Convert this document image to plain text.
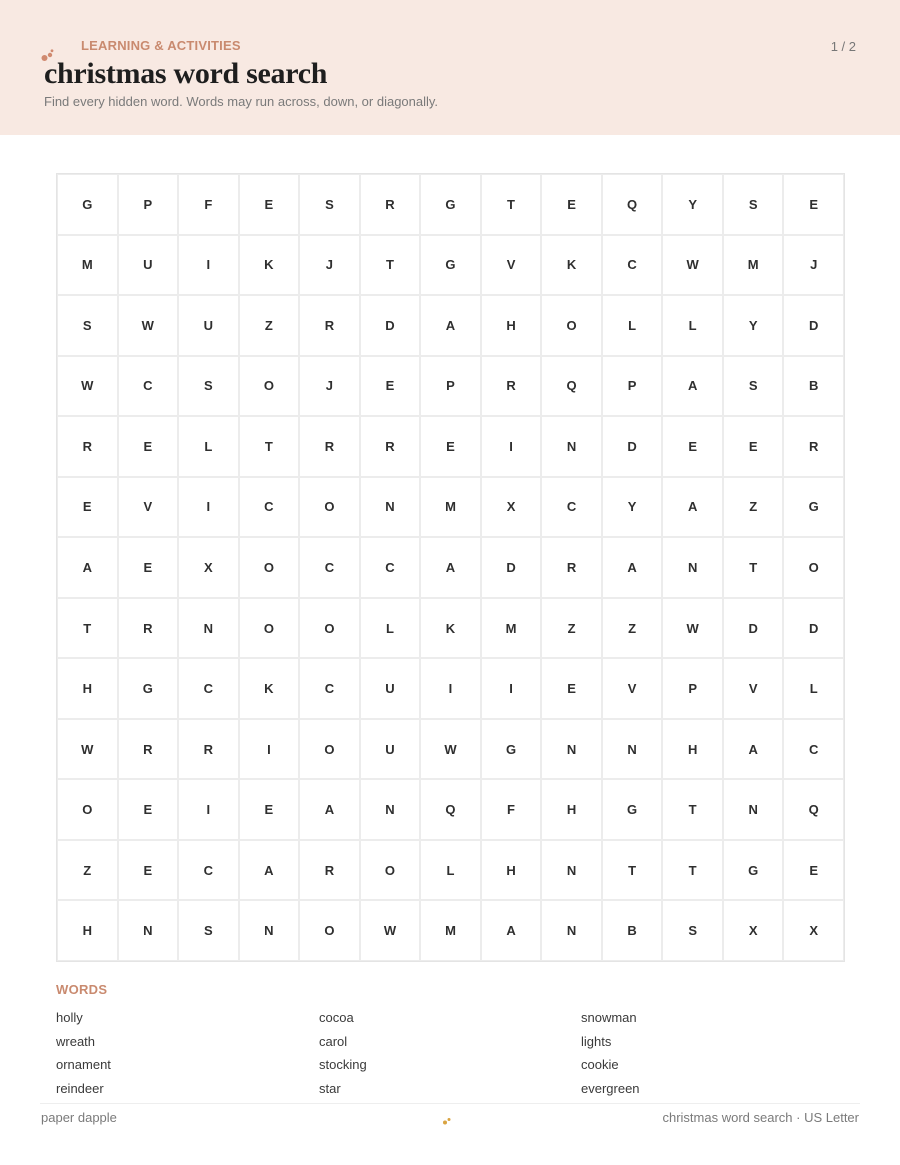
LEARNING & ACTIVITIES	1 / 2
christmas word search
Find every hidden word. Words may run across, down, or diagonally.
G	P	F	E	S	R	G	T	E	Q	Y	S	E
M	U	I	K	J	T	G	V	K	C	W	M	J
S	W	U	Z	R	D	A	H	O	L	L	Y	D
W	C	S	O	J	E	P	R	Q	P	A	S	B
R	E	L	T	R	R	E	I	N	D	E	E	R
E	V	I	C	O	N	M	X	C	Y	A	Z	G
A	E	X	O	C	C	A	D	R	A	N	T	O
T	R	N	O	O	L	K	M	Z	Z	W	D	D
H	G	C	K	C	U	I	I	E	V	P	V	L
W	R	R	I	O	U	W	G	N	N	H	A	C
O	E	I	E	A	N	Q	F	H	G	T	N	Q
Z	E	C	A	R	O	L	H	N	T	T	G	E
H	N	S	N	O	W	M	A	N	B	S	X	X
WORDS
holly
wreath
ornament
reindeer
cocoa
carol
stocking
star
snowman
lights
cookie
evergreen
paper dapple	christmas word search · US Letter
